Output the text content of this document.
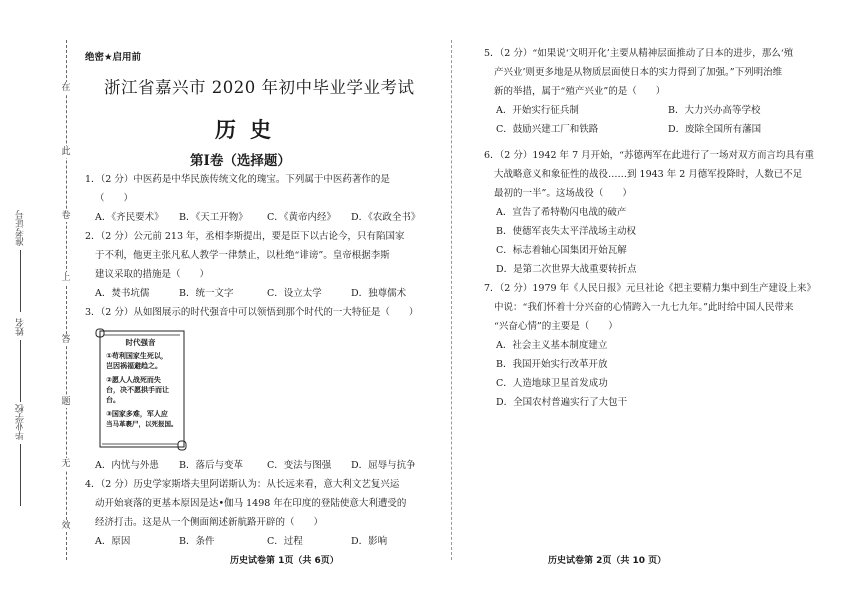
在
此
卷
上
答
题
无
效
准考证号
姓名
毕业学校
绝密★启用前
浙江省嘉兴市 2020 年初中毕业学业考试
历史
第Ⅰ卷（选择题）
1．（2 分）中医药是中华民族传统文化的瑰宝。下列属于中医药著作的是
（　　）
A．《齐民要术》	B．《天工开物》	C．《黄帝内经》	D．《农政全书》
2．（2 分）公元前 213 年，丞相李斯提出，要是臣下以古论今，只有陷国家
于不利，他更主张凡私人教学一律禁止，以杜绝“诽谤”。皇帝根据李斯
建议采取的措施是（　　）
A．焚书坑儒	B．统一文字	C．设立太学	D．独尊儒术
3．（2 分）从如图展示的时代强音中可以领悟到那个时代的一大特征是（　　）
时代强音
①苟利国家生死以，
岂因祸福避趋之。
②愿人人战死而失
台，决不愿拱手而让
台。
③国家多难，军人应
当马革裹尸，以死报国。
A．内忧与外患	B．落后与变革	C．变法与图强	D．屈辱与抗争
4．（2 分）历史学家斯塔夫里阿诺斯认为：从长远来看，意大利文艺复兴运
动开始衰落的更基本原因是达•伽马 1498 年在印度的登陆使意大利遭受的
经济打击。这是从一个侧面阐述新航路开辟的（　　）
A．原因	B．条件	C．过程	D．影响
历史试卷第 1页（共 6页）
5．（2 分）“如果说‘文明开化’主要从精神层面推动了日本的进步，那么‘殖
产兴业’则更多地是从物质层面使日本的实力得到了加强。”下列明治维
新的举措，属于“殖产兴业”的是（　　）
A．开始实行征兵制	B．大力兴办高等学校
C．鼓励兴建工厂和铁路	D．废除全国所有藩国
6．（2 分）1942 年 7 月开始，“苏德两军在此进行了一场对双方而言均具有重
大战略意义和象征性的战役……到 1943 年 2 月德军投降时，人数已不足
最初的一半”。这场战役（　　）
A．宣告了希特勒闪电战的破产
B．使德军丧失太平洋战场主动权
C．标志着轴心国集团开始瓦解
D．是第二次世界大战重要转折点
7．（2 分）1979 年《人民日报》元旦社论《把主要精力集中到生产建设上来》
中说：“我们怀着十分兴奋的心情跨入一九七九年。”此时给中国人民带来
“兴奋心情”的主要是（　　）
A．社会主义基本制度建立
B．我国开始实行改革开放
C．人造地球卫星首发成功
D．全国农村普遍实行了大包干
历史试卷第 2页（共 10 页）
